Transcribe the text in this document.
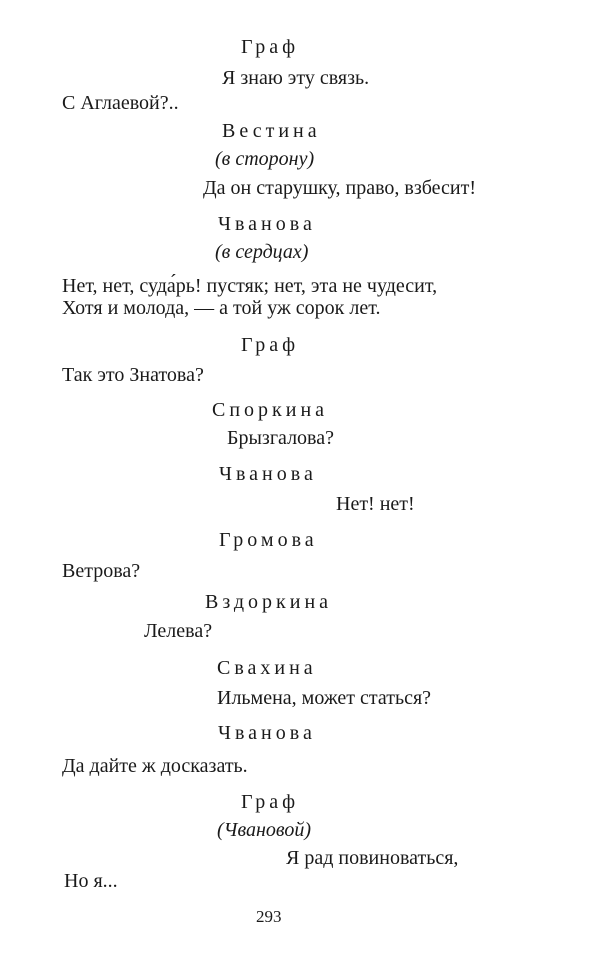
Граф
Я знаю эту связь.
С Аглаевой?..
Вестина
(в сторону)
Да он старушку, право, взбесит!
Чванова
(в сердцах)
Нет, нет, суда́рь! пустяк; нет, эта не чудесит,
Хотя и молода, — а той уж сорок лет.
Граф
Так это Знатова?
Споркина
Брызгалова?
Чванова
Нет! нет!
Громова
Ветрова?
Вздоркина
Лелева?
Свахина
Ильмена, может статься?
Чванова
Да дайте ж досказать.
Граф
(Чвановой)
Я рад повиноваться,
Но я...
293
